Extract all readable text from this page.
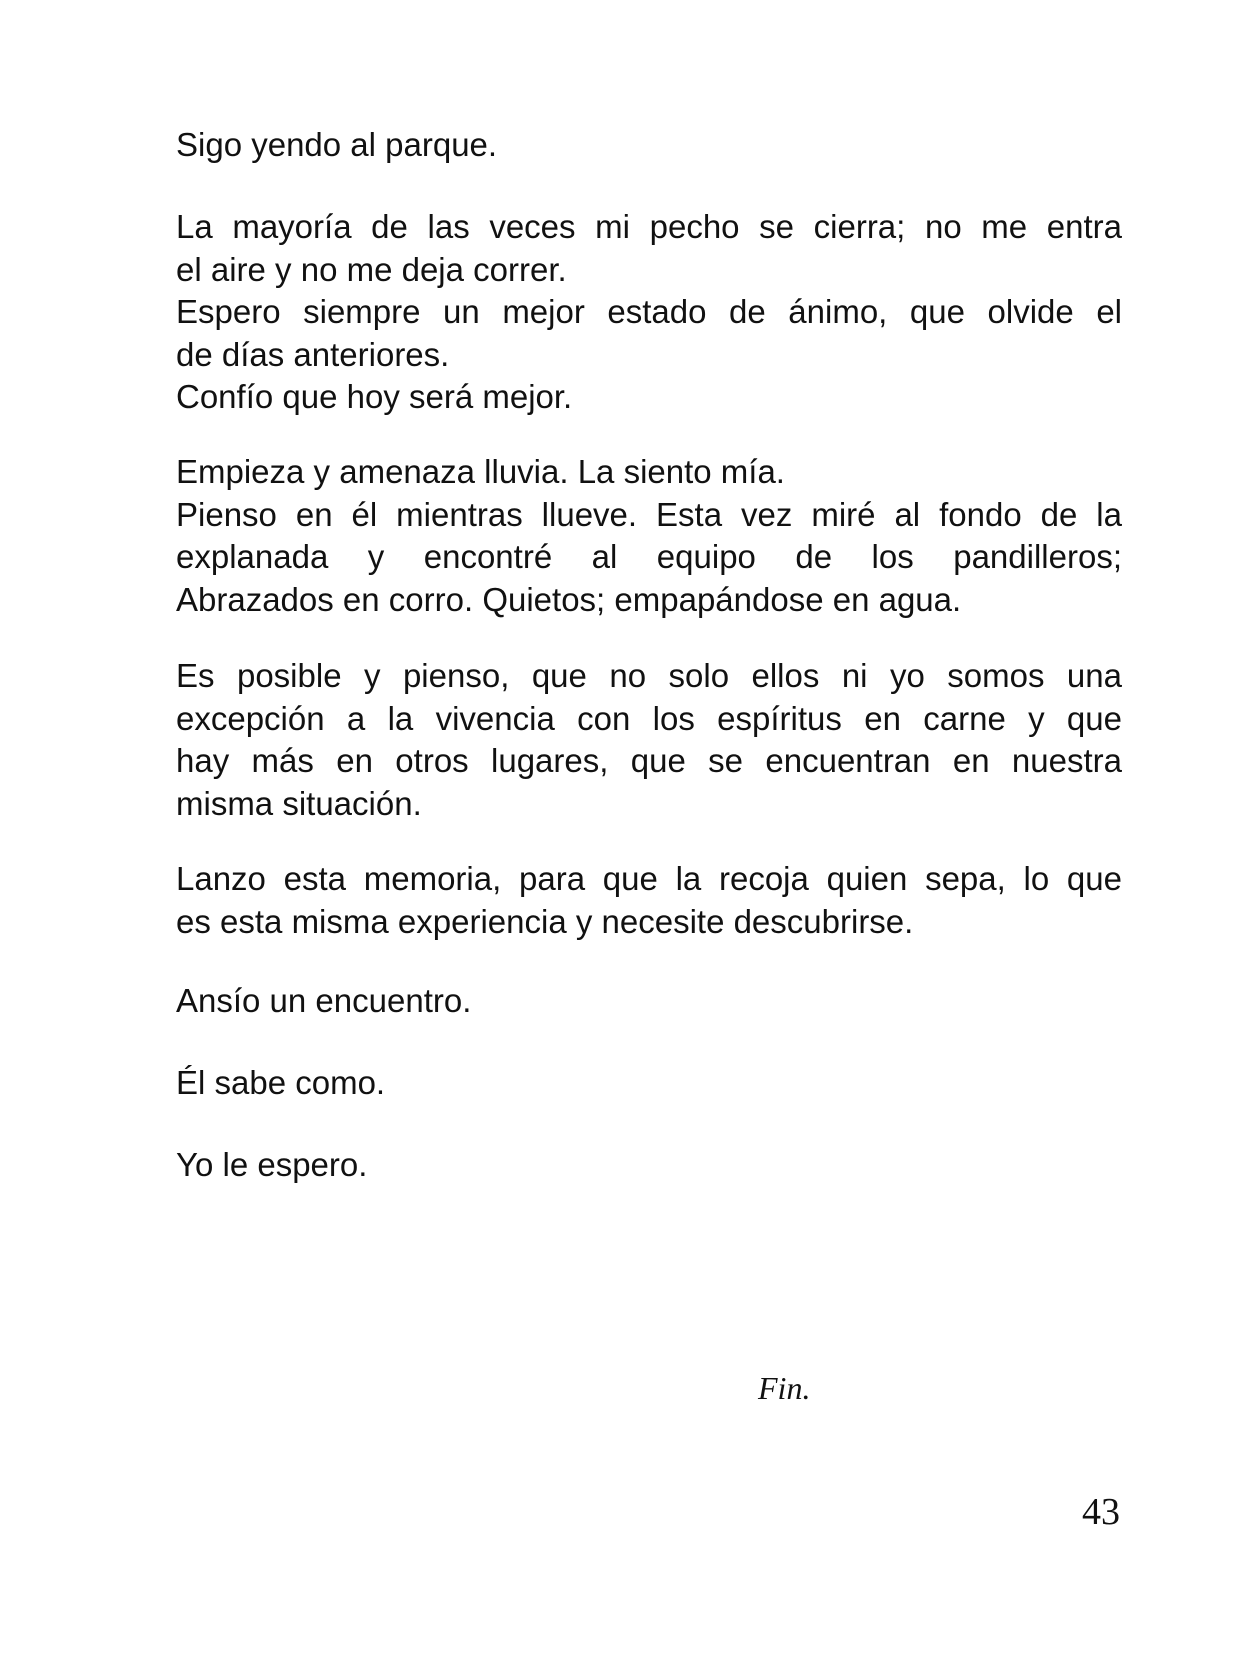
Sigo yendo al parque.

La mayoría de las veces mi pecho se cierra; no me entra
el aire y no me deja correr.
Espero siempre un mejor estado de ánimo, que olvide el
de días anteriores.
Confío que hoy será mejor.

Empieza y amenaza lluvia. La siento mía.
Pienso en él mientras llueve. Esta vez miré al fondo de la
explanada y encontré al equipo de los pandilleros;
Abrazados en corro. Quietos; empapándose en agua.

Es posible y pienso, que no solo ellos ni yo somos una
excepción a la vivencia con los espíritus en carne y que
hay más en otros lugares, que se encuentran en nuestra
misma situación.

Lanzo esta memoria, para que la recoja quien sepa, lo que
es esta misma experiencia y necesite descubrirse.

Ansío un encuentro.

Él sabe como.

Yo le espero.

Fin.

43
